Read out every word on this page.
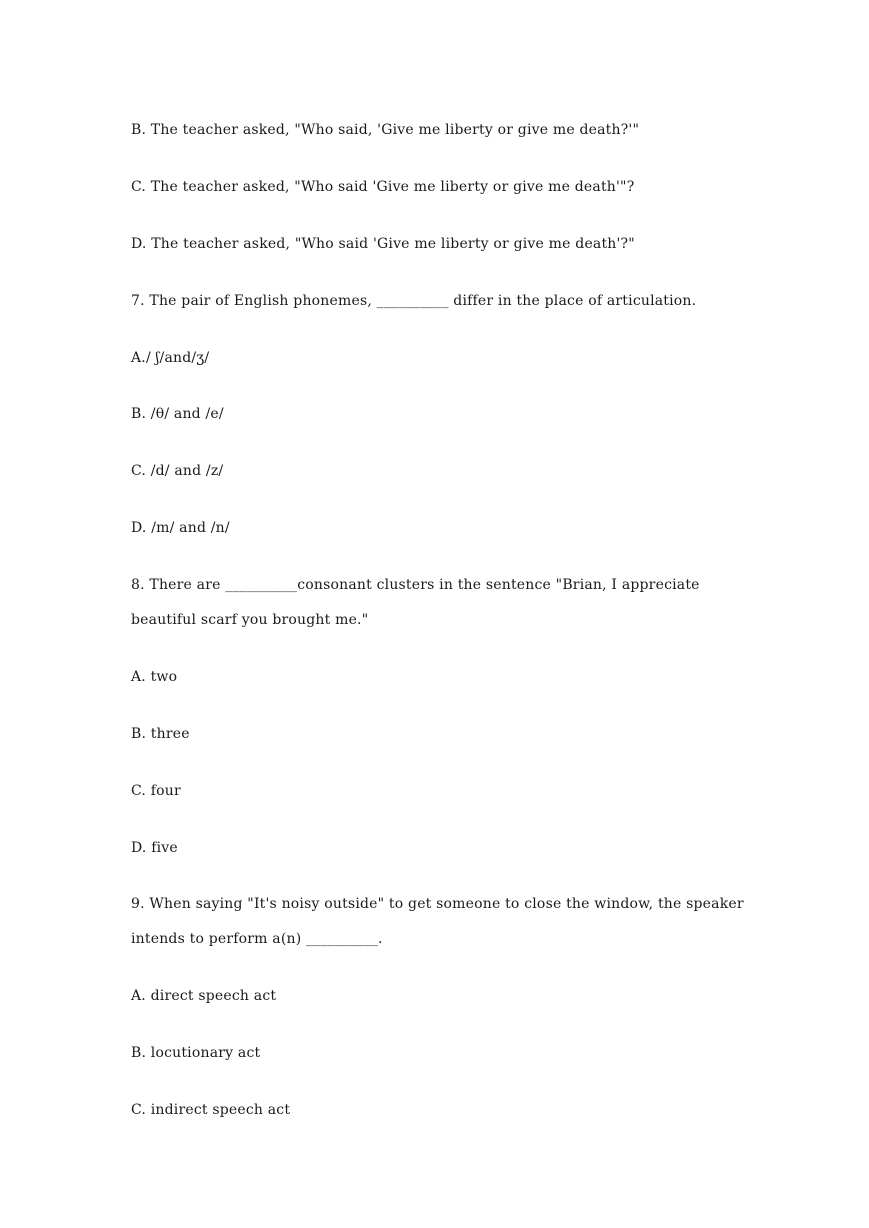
B. The teacher asked, "Who said, 'Give me liberty or give me death?'"
C. The teacher asked, "Who said 'Give me liberty or give me death'"?
D. The teacher asked, "Who said 'Give me liberty or give me death'?"
7. The pair of English phonemes, __________ differ in the place of articulation.
A./ ʃ/and/ʒ/
B. /θ/ and /e/
C. /d/ and /z/
D. /m/ and /n/
8. There are __________consonant clusters in the sentence "Brian, I appreciate
beautiful scarf you brought me."
A. two
B. three
C. four
D. five
9. When saying "It's noisy outside" to get someone to close the window, the speaker
intends to perform a(n) __________.
A. direct speech act
B. locutionary act
C. indirect speech act
